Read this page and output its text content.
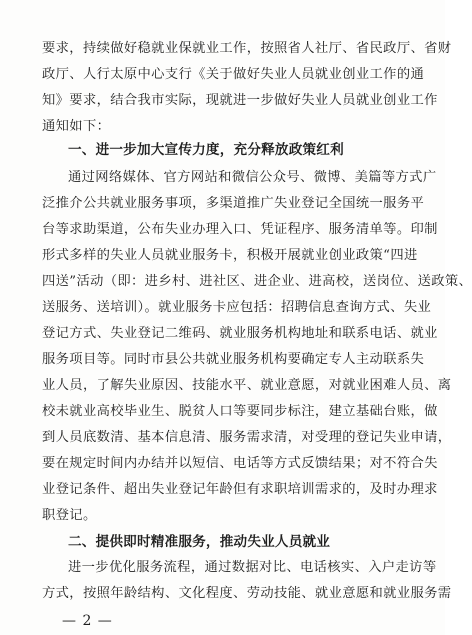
— 2 —
要求，持续做好稳就业保就业工作，按照省人社厅、省民政厅、省财
政厅、人行太原中心支行《关于做好失业人员就业创业工作的通
知》要求，结合我市实际，现就进一步做好失业人员就业创业工作
通知如下：
一、进一步加大宣传力度，充分释放政策红利
通过网络媒体、官方网站和微信公众号、微博、美篇等方式广
泛推介公共就业服务事项，多渠道推广失业登记全国统一服务平
台等求助渠道，公布失业办理入口、凭证程序、服务清单等。印制
形式多样的失业人员就业服务卡，积极开展就业创业政策“四进
四送”活动（即：进乡村、进社区、进企业、进高校，送岗位、送政策、
送服务、送培训）。就业服务卡应包括：招聘信息查询方式、失业
登记方式、失业登记二维码、就业服务机构地址和联系电话、就业
服务项目等。同时市县公共就业服务机构要确定专人主动联系失
业人员，了解失业原因、技能水平、就业意愿，对就业困难人员、离
校未就业高校毕业生、脱贫人口等要同步标注，建立基础台账，做
到人员底数清、基本信息清、服务需求清，对受理的登记失业申请，
要在规定时间内办结并以短信、电话等方式反馈结果；对不符合失
业登记条件、超出失业登记年龄但有求职培训需求的，及时办理求
职登记。
二、提供即时精准服务，推动失业人员就业
进一步优化服务流程，通过数据对比、电话核实、入户走访等
方式，按照年龄结构、文化程度、劳动技能、就业意愿和就业服务需
